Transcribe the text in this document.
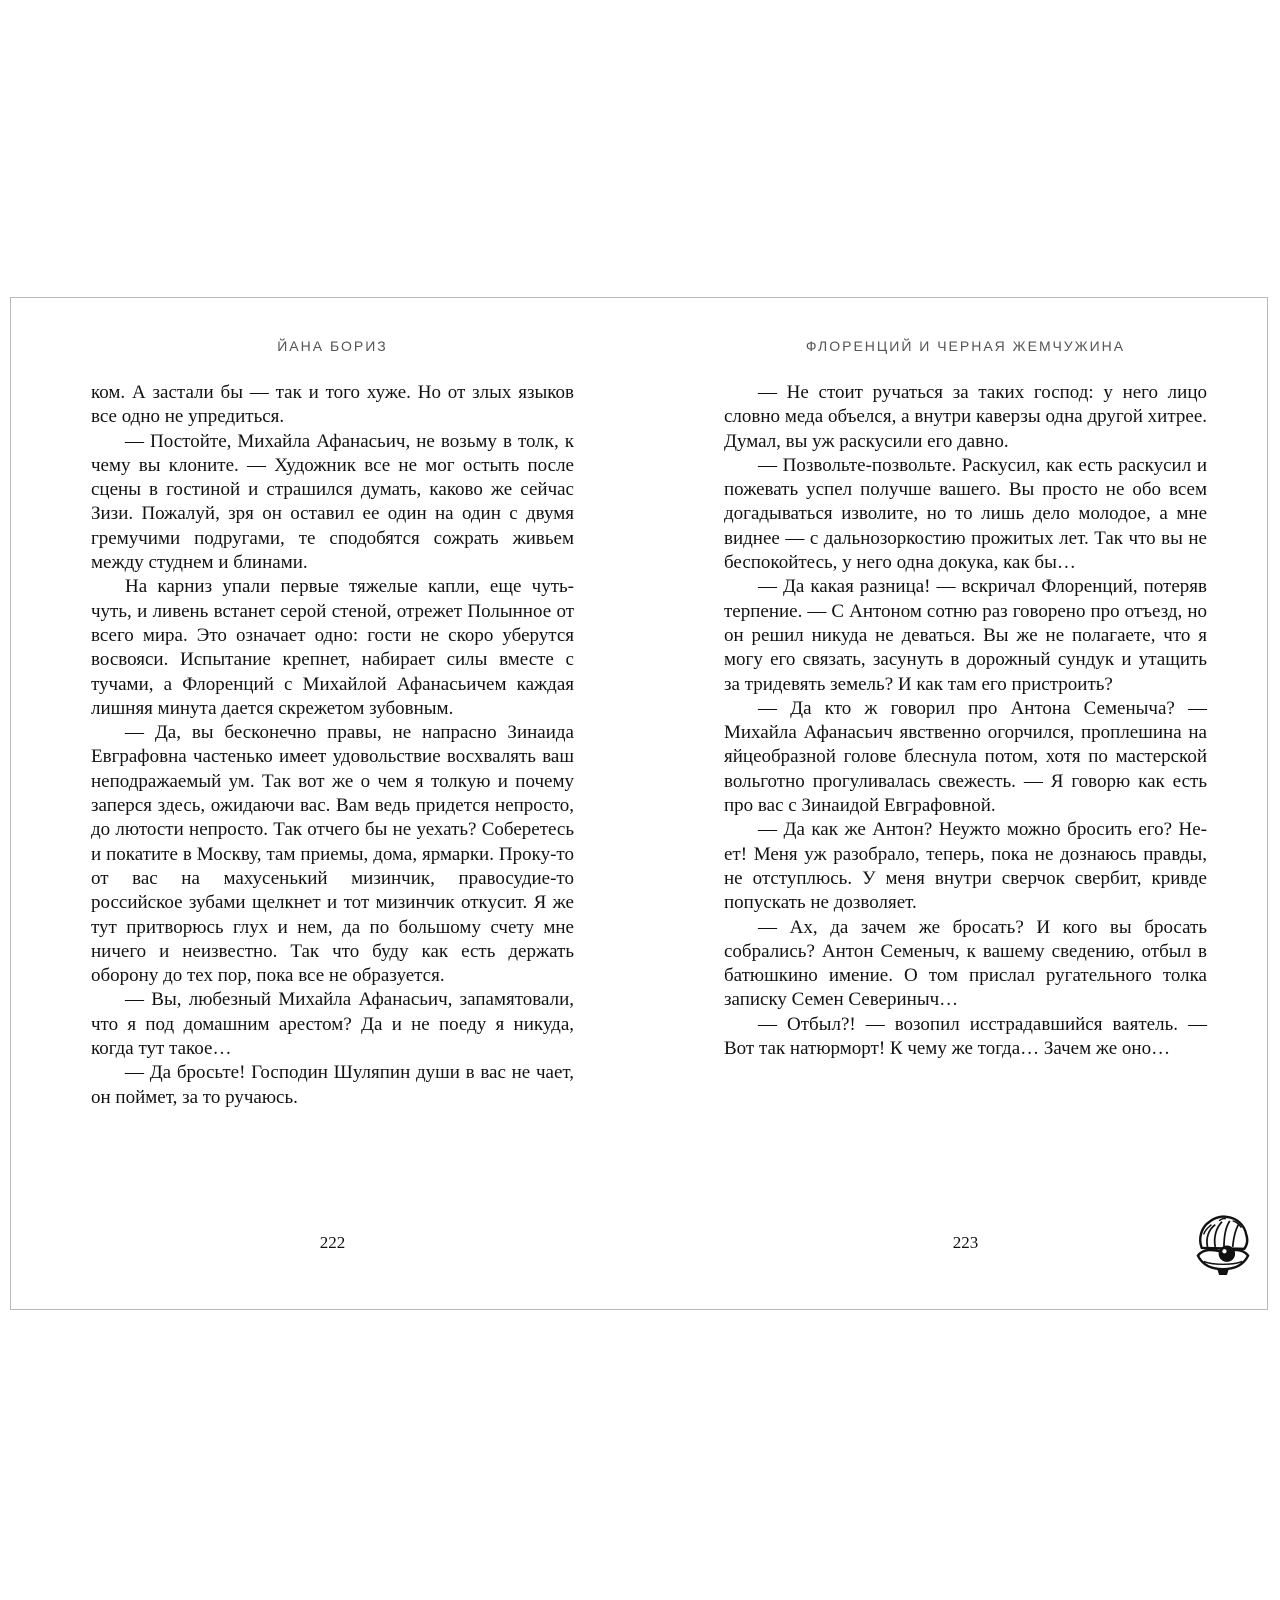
ЙАНА БОРИЗ

ком. А застали бы — так и того хуже. Но от злых языков все одно не упредиться.

— Постойте, Михайла Афанасьич, не возьму в толк, к чему вы клоните. — Художник все не мог остыть после сцены в гостиной и страшился думать, каково же сейчас Зизи. Пожалуй, зря он оставил ее один на один с двумя гремучими подругами, те сподобятся сожрать живьем между студнем и блинами.

На карниз упали первые тяжелые капли, еще чуть-чуть, и ливень встанет серой стеной, отрежет Полынное от всего мира. Это означает одно: гости не скоро уберутся восвояси. Испытание крепнет, набирает силы вместе с тучами, а Флоренций с Михайлой Афанасьичем каждая лишняя минута дается скрежетом зубовным.

— Да, вы бесконечно правы, не напрасно Зинаида Евграфовна частенько имеет удовольствие восхвалять ваш неподражаемый ум. Так вот же о чем я толкую и почему заперся здесь, ожидаючи вас. Вам ведь придется непросто, до лютости непросто. Так отчего бы не уехать? Соберетесь и покатите в Москву, там приемы, дома, ярмарки. Проку-то от вас на махусенький мизинчик, правосудие-то российское зубами щелкнет и тот мизинчик откусит. Я же тут притворюсь глух и нем, да по большому счету мне ничего и неизвестно. Так что буду как есть держать оборону до тех пор, пока все не образуется.

— Вы, любезный Михайла Афанасьич, запамятовали, что я под домашним арестом? Да и не поеду я никуда, когда тут такое…

— Да бросьте! Господин Шуляпин души в вас не чает, он поймет, за то ручаюсь.

222
ФЛОРЕНЦИЙ И ЧЕРНАЯ ЖЕМЧУЖИНА

— Не стоит ручаться за таких господ: у него лицо словно меда объелся, а внутри каверзы одна другой хитрее. Думал, вы уж раскусили его давно.

— Позвольте-позвольте. Раскусил, как есть раскусил и пожевать успел получше вашего. Вы просто не обо всем догадываться изволите, но то лишь дело молодое, а мне виднее — с дальнозоркостию прожитых лет. Так что вы не беспокойтесь, у него одна докука, как бы…

— Да какая разница! — вскричал Флоренций, потеряв терпение. — С Антоном сотню раз говорено про отъезд, но он решил никуда не деваться. Вы же не полагаете, что я могу его связать, засунуть в дорожный сундук и утащить за тридевять земель? И как там его пристроить?

— Да кто ж говорил про Антона Семеныча? — Михайла Афанасьич явственно огорчился, проплешина на яйцеобразной голове блеснула потом, хотя по мастерской вольготно прогуливалась свежесть. — Я говорю как есть про вас с Зинаидой Евграфовной.

— Да как же Антон? Неужто можно бросить его? Не-ет! Меня уж разобрало, теперь, пока не дознаюсь правды, не отступлюсь. У меня внутри сверчок свербит, кривде попускать не дозволяет.

— Ах, да зачем же бросать? И кого вы бросать собрались? Антон Семеныч, к вашему сведению, отбыл в батюшкино имение. О том прислал ругательного толка записку Семен Севериныч…

— Отбыл?! — возопил исстрадавшийся ваятель. — Вот так натюрморт! К чему же тогда… Зачем же оно…

223
